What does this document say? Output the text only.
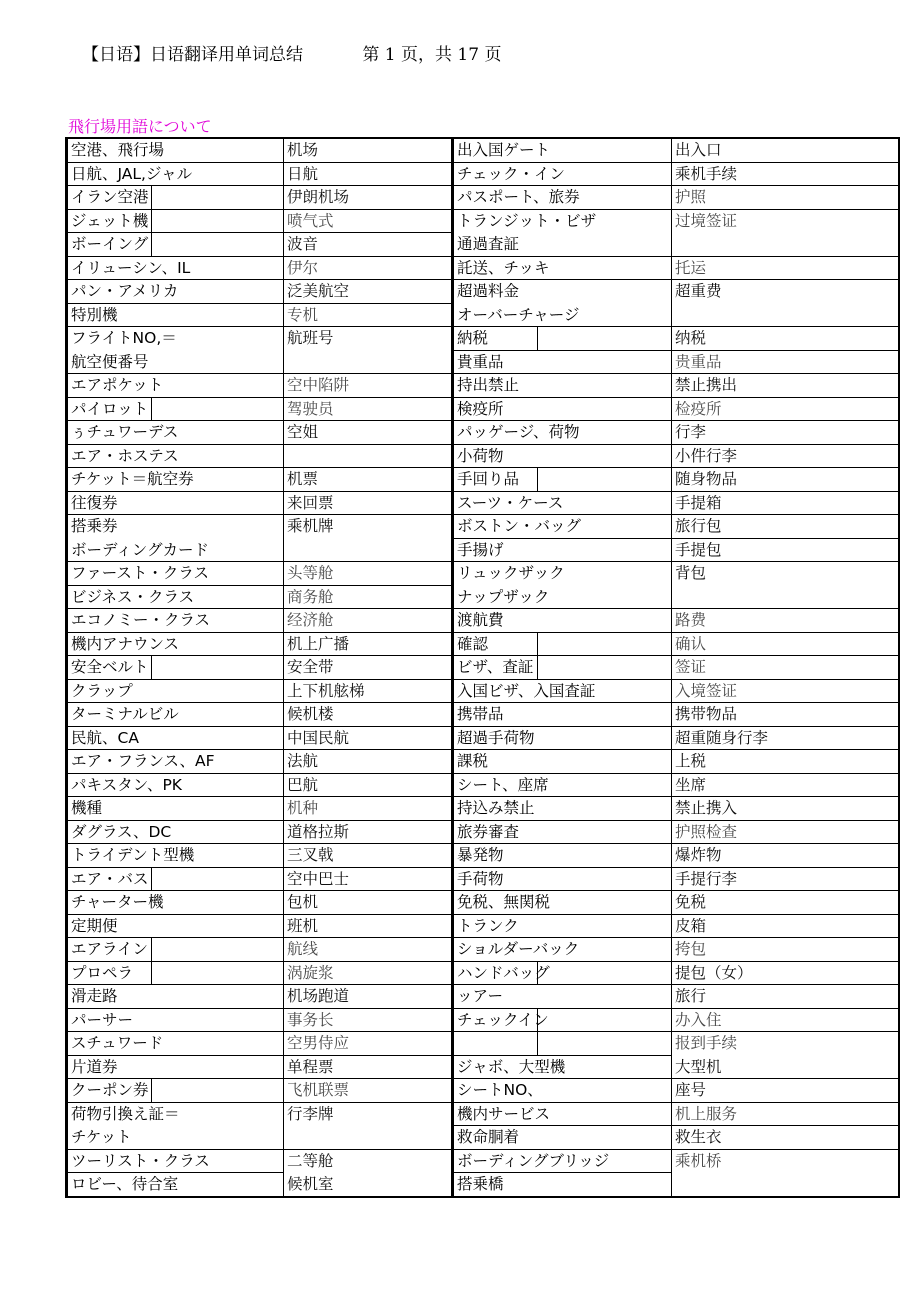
【日语】日语翻译用单词总结	第 1 页，共 17 页
飛行場用語について
空港、飛行場	机场	出入国ゲート	出入口
日航、JAL,ジャル	日航	チェック・イン	乘机手续
イラン空港	伊朗机场	パスポート、旅券	护照
ジェット機	喷气式	トランジット・ビザ	过境签证
ボーイング	波音	通過査証	
イリューシン、IL	伊尔	託送、チッキ	托运
パン・アメリカ	泛美航空	超過料金	超重费
特別機	专机	オーバーチャージ	
フライトNO,＝	航班号	納税	纳税
航空便番号		貴重品	贵重品
エアポケット	空中陷阱	持出禁止	禁止携出
パイロット	驾驶员	検疫所	检疫所
ぅチュワーデス	空姐	パッゲージ、荷物	行李
エア・ホステス		小荷物	小件行李
チケット＝航空券	机票	手回り品	随身物品
往復券	来回票	スーツ・ケース	手提箱
搭乗券	乘机牌	ボストン・バッグ	旅行包
ボーディングカード		手揚げ	手提包
ファースト・クラス	头等舱	リュックザック	背包
ビジネス・クラス	商务舱	ナップザック	
エコノミー・クラス	经济舱	渡航費	路费
機内アナウンス	机上广播	確認	确认
安全ベルト	安全带	ビザ、査証	签证
クラップ	上下机舷梯	入国ビザ、入国査証	入境签证
ターミナルビル	候机楼	携帯品	携带物品
民航、CA	中国民航	超過手荷物	超重随身行李
エア・フランス、AF	法航	課税	上税
パキスタン、PK	巴航	シート、座席	坐席
機種	机种	持込み禁止	禁止携入
ダグラス、DC	道格拉斯	旅券審査	护照检查
トライデント型機	三叉戟	暴発物	爆炸物
エア・バス	空中巴士	手荷物	手提行李
チャーター機	包机	免税、無関税	免税
定期便	班机	トランク	皮箱
エアライン	航线	ショルダーバック	挎包
プロペラ	涡旋浆	ハンドバッグ	提包（女）
滑走路	机场跑道	ッアー	旅行
パーサー	事务长	チェックイン	办入住
スチュワード	空男侍应		报到手续
片道券	单程票	ジャボ、大型機	大型机
クーポン券	飞机联票	シートNO、	座号
荷物引換え証＝	行李牌	機内サービス	机上服务
チケット		救命胴着	救生衣
ツーリスト・クラス	二等舱	ボーディングブリッジ	乘机桥
ロビー、待合室	候机室	搭乗橋	
